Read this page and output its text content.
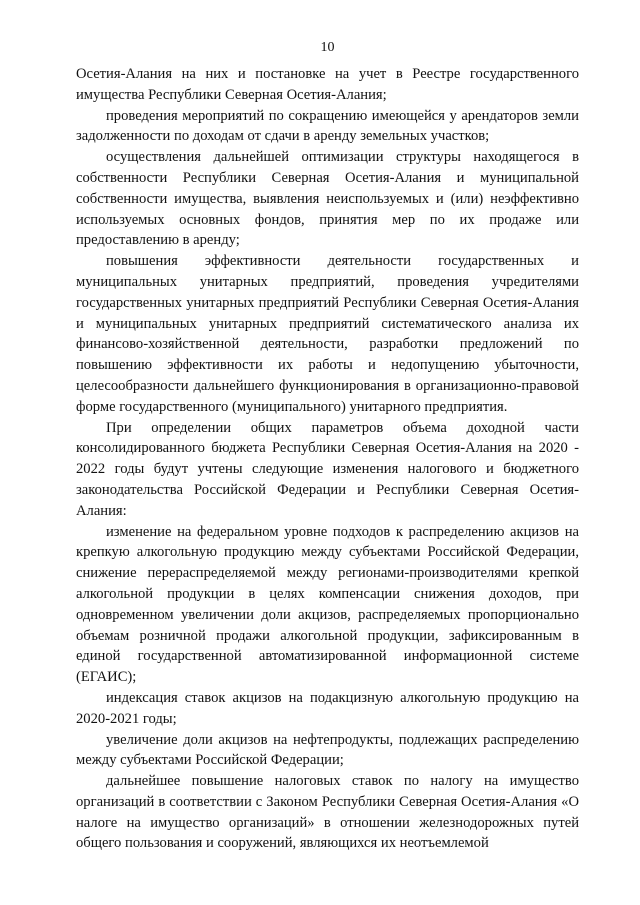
10

Осетия-Алания на них и постановке на учет в Реестре государственного имущества Республики Северная Осетия-Алания;

проведения мероприятий по сокращению имеющейся у арендаторов земли задолженности по доходам от сдачи в аренду земельных участков;

осуществления дальнейшей оптимизации структуры находящегося в собственности Республики Северная Осетия-Алания и муниципальной собственности имущества, выявления неиспользуемых и (или) неэффективно используемых основных фондов, принятия мер по их продаже или предоставлению в аренду;

повышения эффективности деятельности государственных и муниципальных унитарных предприятий, проведения учредителями государственных унитарных предприятий Республики Северная Осетия-Алания и муниципальных унитарных предприятий систематического анализа их финансово-хозяйственной деятельности, разработки предложений по повышению эффективности их работы и недопущению убыточности, целесообразности дальнейшего функционирования в организационно-правовой форме государственного (муниципального) унитарного предприятия.

При определении общих параметров объема доходной части консолидированного бюджета Республики Северная Осетия-Алания на 2020 - 2022 годы будут учтены следующие изменения налогового и бюджетного законодательства Российской Федерации и Республики Северная Осетия-Алания:

изменение на федеральном уровне подходов к распределению акцизов на крепкую алкогольную продукцию между субъектами Российской Федерации, снижение перераспределяемой между регионами-производителями крепкой алкогольной продукции в целях компенсации снижения доходов, при одновременном увеличении доли акцизов, распределяемых пропорционально объемам розничной продажи алкогольной продукции, зафиксированным в единой государственной автоматизированной информационной системе (ЕГАИС);

индексация ставок акцизов на подакцизную алкогольную продукцию на 2020-2021 годы;

увеличение доли акцизов на нефтепродукты, подлежащих распределению между субъектами Российской Федерации;

дальнейшее повышение налоговых ставок по налогу на имущество организаций в соответствии с Законом Республики Северная Осетия-Алания «О налоге на имущество организаций» в отношении железнодорожных путей общего пользования и сооружений, являющихся их неотъемлемой
